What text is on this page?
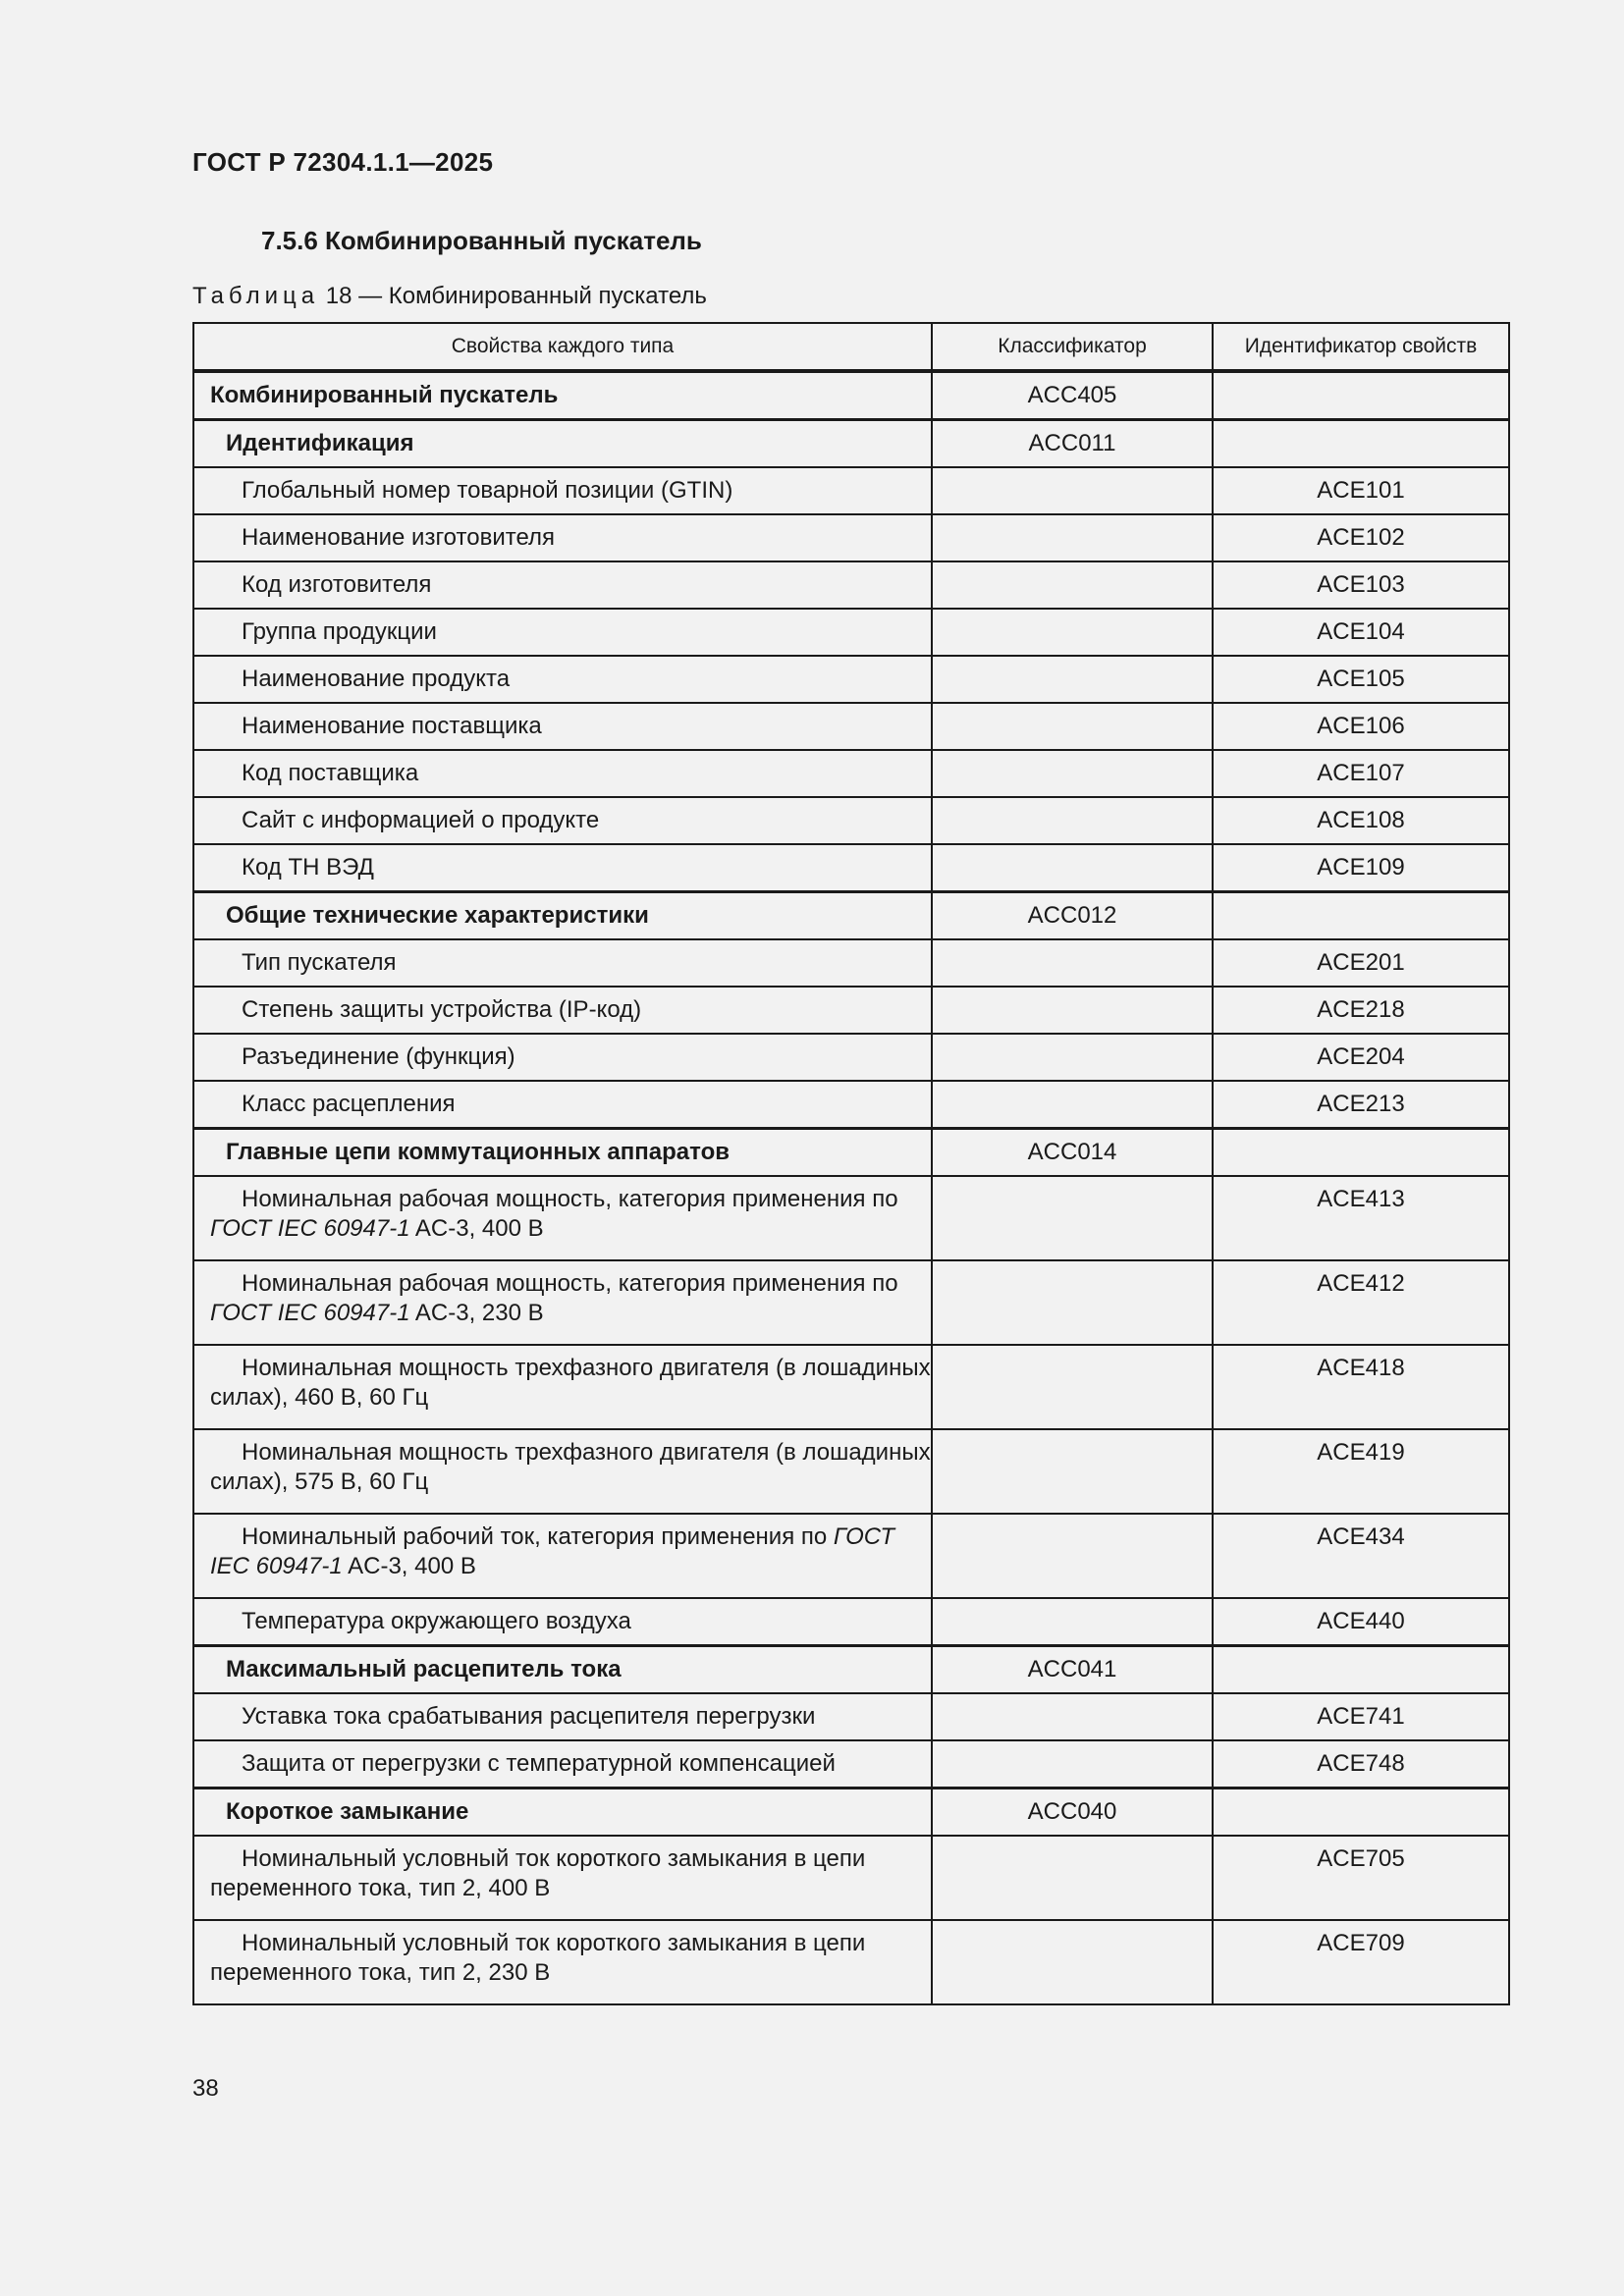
ГОСТ Р 72304.1.1—2025
7.5.6 Комбинированный пускатель
Таблица 18 — Комбинированный пускатель
Свойства каждого типа	Классификатор	Идентификатор свойств
Комбинированный пускатель	ACC405	
Идентификация	ACC011	
Глобальный номер товарной позиции (GTIN)		ACE101
Наименование изготовителя		ACE102
Код изготовителя		ACE103
Группа продукции		ACE104
Наименование продукта		ACE105
Наименование поставщика		ACE106
Код поставщика		ACE107
Сайт с информацией о продукте		ACE108
Код ТН ВЭД		ACE109
Общие технические характеристики	ACC012	
Тип пускателя		ACE201
Степень защиты устройства (IP-код)		ACE218
Разъединение (функция)		ACE204
Класс расцепления		ACE213
Главные цепи коммутационных аппаратов	ACC014	
Номинальная рабочая мощность, категория применения по ГОСТ IEC 60947-1 AC-3, 400 В		ACE413
Номинальная рабочая мощность, категория применения по ГОСТ IEC 60947-1 AC-3, 230 В		ACE412
Номинальная мощность трехфазного двигателя (в лошадиных силах), 460 В, 60 Гц		ACE418
Номинальная мощность трехфазного двигателя (в лошадиных силах), 575 В, 60 Гц		ACE419
Номинальный рабочий ток, категория применения по ГОСТ IEC 60947-1 AC-3, 400 В		ACE434
Температура окружающего воздуха		ACE440
Максимальный расцепитель тока	ACC041	
Уставка тока срабатывания расцепителя перегрузки		ACE741
Защита от перегрузки с температурной компенсацией		ACE748
Короткое замыкание	ACC040	
Номинальный условный ток короткого замыкания в цепи переменного тока, тип 2, 400 В		ACE705
Номинальный условный ток короткого замыкания в цепи переменного тока, тип 2, 230 В		ACE709
38
